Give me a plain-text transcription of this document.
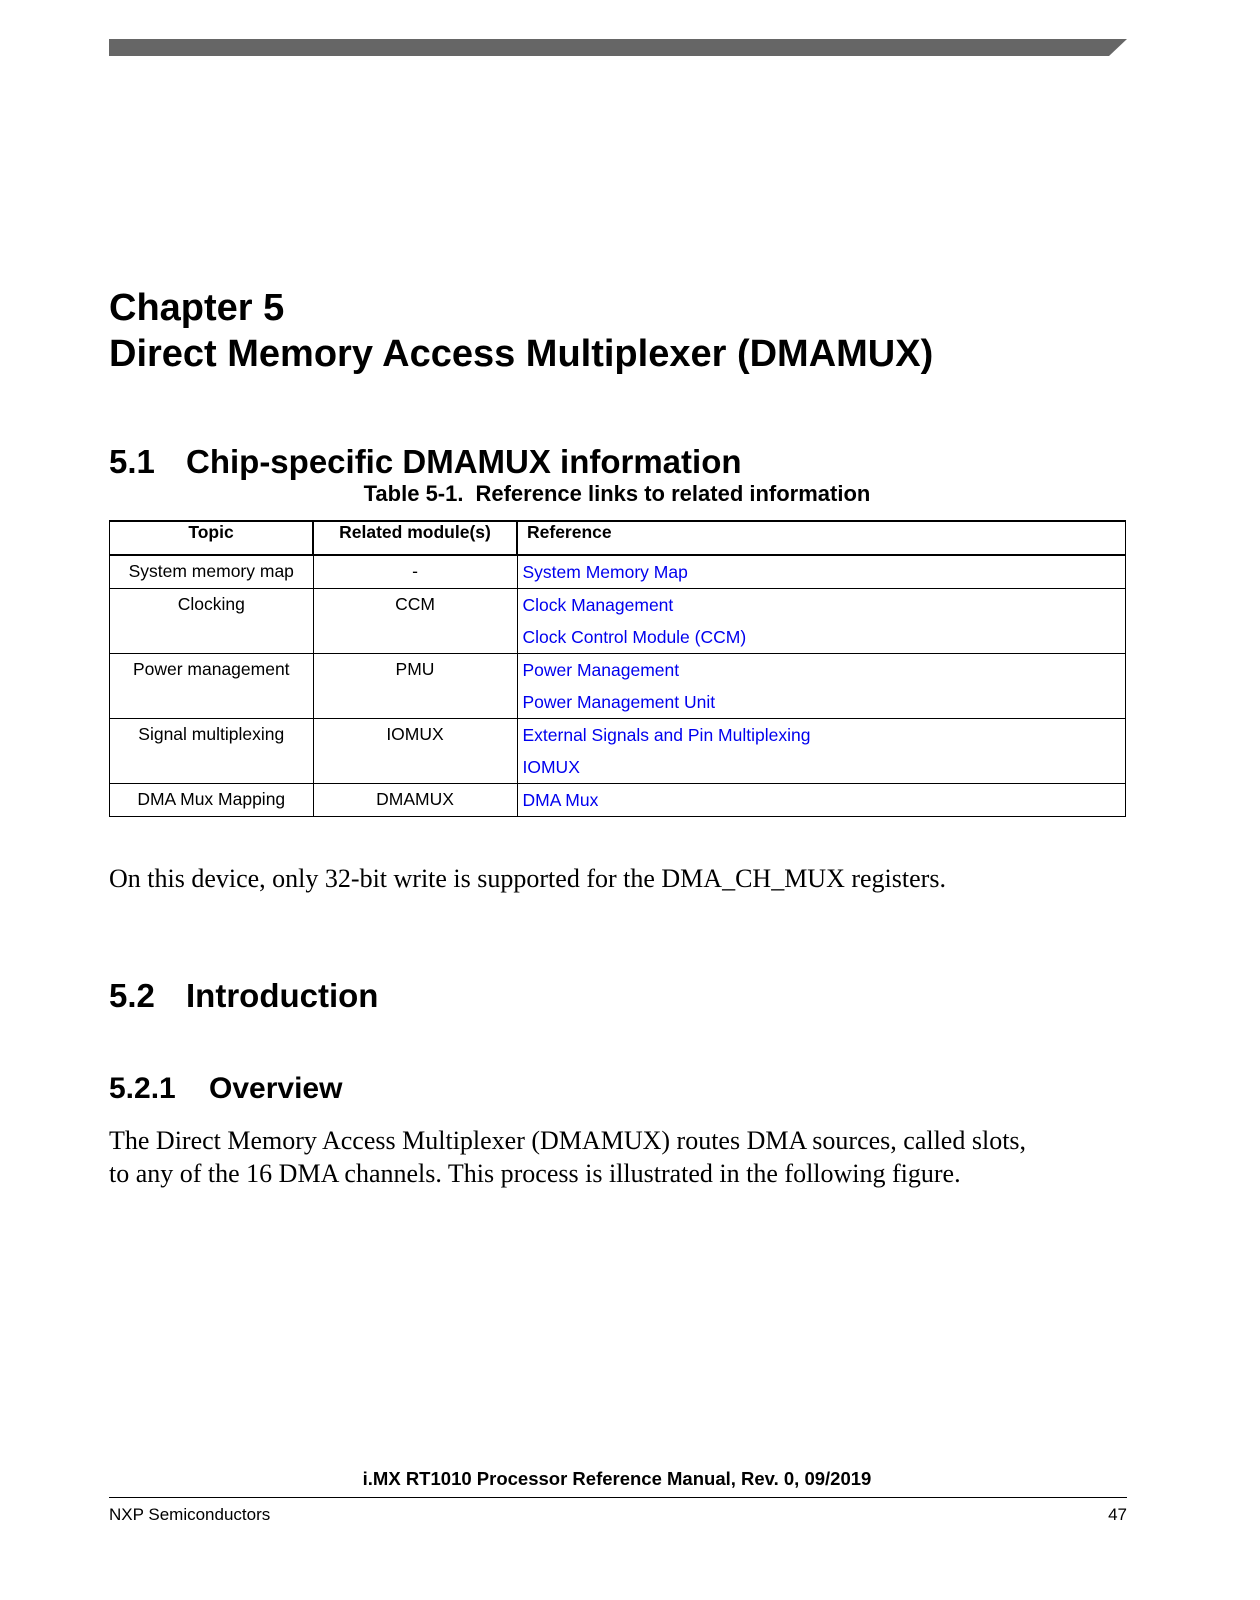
Chapter 5
Direct Memory Access Multiplexer (DMAMUX)
5.1 Chip-specific DMAMUX information
Table 5-1. Reference links to related information
Topic	Related module(s)	Reference
System memory map	-	System Memory Map

Clocking	CCM	Clock Management
Clock Control Module (CCM)

Power management	PMU	Power Management
Power Management Unit

Signal multiplexing	IOMUX	External Signals and Pin Multiplexing
IOMUX

DMA Mux Mapping	DMAMUX	DMA Mux
On this device, only 32-bit write is supported for the DMA_CH_MUX registers.
5.2 Introduction
5.2.1 Overview
The Direct Memory Access Multiplexer (DMAMUX) routes DMA sources, called slots,
to any of the 16 DMA channels. This process is illustrated in the following figure.
i.MX RT1010 Processor Reference Manual, Rev. 0, 09/2019
NXP Semiconductors	47
